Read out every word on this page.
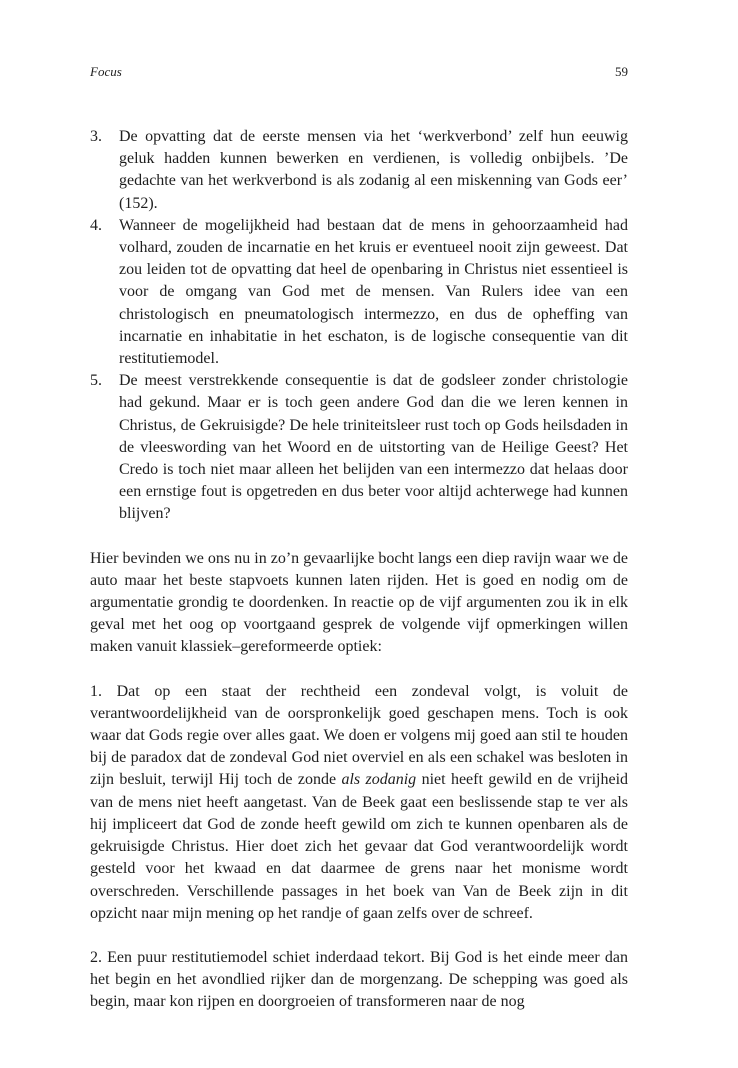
Focus	59
3. De opvatting dat de eerste mensen via het ‘werkverbond’ zelf hun eeuwig geluk hadden kunnen bewerken en verdienen, is volledig onbijbels. ’De gedachte van het werkverbond is als zodanig al een miskenning van Gods eer’ (152).
4. Wanneer de mogelijkheid had bestaan dat de mens in gehoorzaamheid had volhard, zouden de incarnatie en het kruis er eventueel nooit zijn geweest. Dat zou leiden tot de opvatting dat heel de openbaring in Christus niet essentieel is voor de omgang van God met de mensen. Van Rulers idee van een christologisch en pneumatologisch intermezzo, en dus de opheffing van incarnatie en inhabitatie in het eschaton, is de logische consequentie van dit restitutiemodel.
5. De meest verstrekkende consequentie is dat de godsleer zonder christologie had gekund. Maar er is toch geen andere God dan die we leren kennen in Christus, de Gekruisigde? De hele triniteitsleer rust toch op Gods heilsdaden in de vleeswording van het Woord en de uitstorting van de Heilige Geest? Het Credo is toch niet maar alleen het belijden van een intermezzo dat helaas door een ernstige fout is opgetreden en dus beter voor altijd achterwege had kunnen blijven?

Hier bevinden we ons nu in zo’n gevaarlijke bocht langs een diep ravijn waar we de auto maar het beste stapvoets kunnen laten rijden. Het is goed en nodig om de argumentatie grondig te doordenken. In reactie op de vijf argumenten zou ik in elk geval met het oog op voortgaand gesprek de volgende vijf opmerkingen willen maken vanuit klassiek–gereformeerde optiek:

1. Dat op een staat der rechtheid een zondeval volgt, is voluit de verantwoordelijkheid van de oorspronkelijk goed geschapen mens. Toch is ook waar dat Gods regie over alles gaat. We doen er volgens mij goed aan stil te houden bij de paradox dat de zondeval God niet overviel en als een schakel was besloten in zijn besluit, terwijl Hij toch de zonde als zodanig niet heeft gewild en de vrijheid van de mens niet heeft aangetast. Van de Beek gaat een beslissende stap te ver als hij impliceert dat God de zonde heeft gewild om zich te kunnen openbaren als de gekruisigde Christus. Hier doet zich het gevaar dat God verantwoordelijk wordt gesteld voor het kwaad en dat daarmee de grens naar het monisme wordt overschreden. Verschillende passages in het boek van Van de Beek zijn in dit opzicht naar mijn mening op het randje of gaan zelfs over de schreef.

2. Een puur restitutiemodel schiet inderdaad tekort. Bij God is het einde meer dan het begin en het avondlied rijker dan de morgenzang. De schepping was goed als begin, maar kon rijpen en doorgroeien of transformeren naar de nog
